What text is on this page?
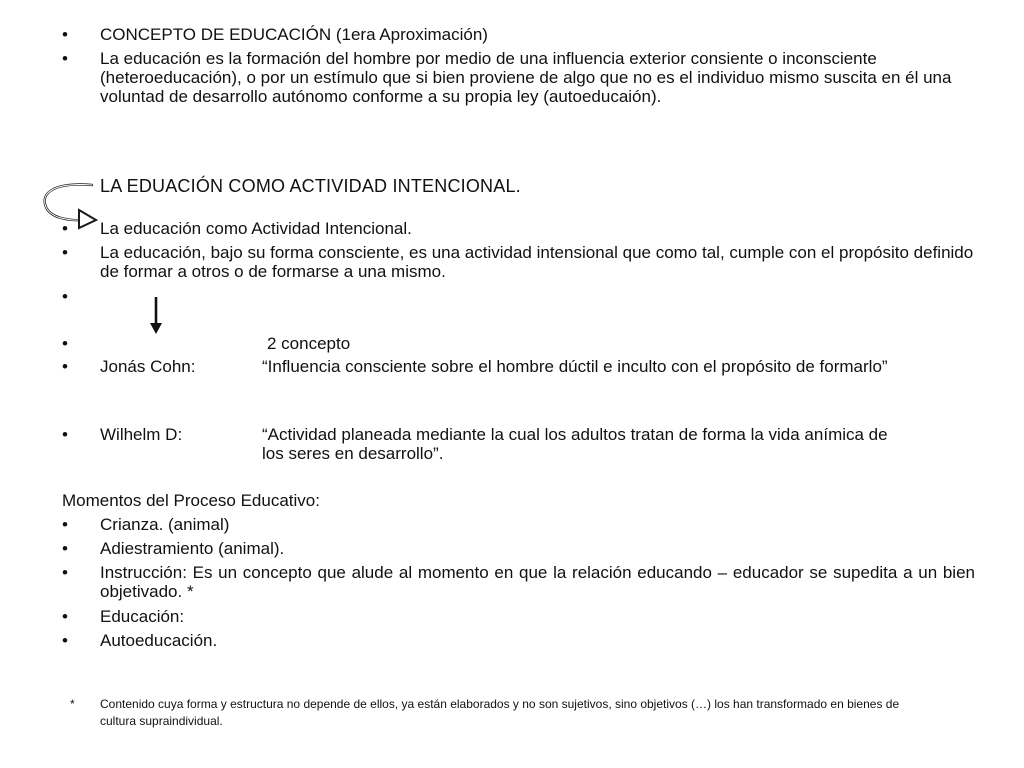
•	CONCEPTO DE EDUCACIÓN (1era Aproximación)
•	La educación es la formación del hombre por medio de una influencia exterior consiente o inconsciente (heteroeducación), o por un estímulo que si bien proviene de algo que no es el individuo mismo suscita en él una voluntad de desarrollo autónomo conforme a su propia ley (autoeducaión).
LA EDUACIÓN COMO ACTIVIDAD INTENCIONAL.
•	La educación como Actividad Intencional.
•	La educación, bajo su forma consciente, es una actividad intensional que como tal, cumple con el propósito definido de formar a otros o de formarse a una mismo.
•
•	2 concepto
•	Jonás Cohn:	“Influencia consciente sobre el hombre dúctil e inculto con el propósito de formarlo”
•	Wilhelm D:	“Actividad planeada mediante la cual los adultos tratan de forma la vida anímica de los seres en desarrollo”.
Momentos del Proceso Educativo:
•	Crianza. (animal)
•	Adiestramiento (animal).
•	Instrucción: Es un concepto que alude al momento en que la relación educando – educador se supedita a un bien objetivado. *
•	Educación:
•	Autoeducación.
* Contenido cuya forma y estructura no depende de ellos, ya están elaborados y no son sujetivos, sino objetivos (…) los han transformado en bienes de cultura supraindividual.
